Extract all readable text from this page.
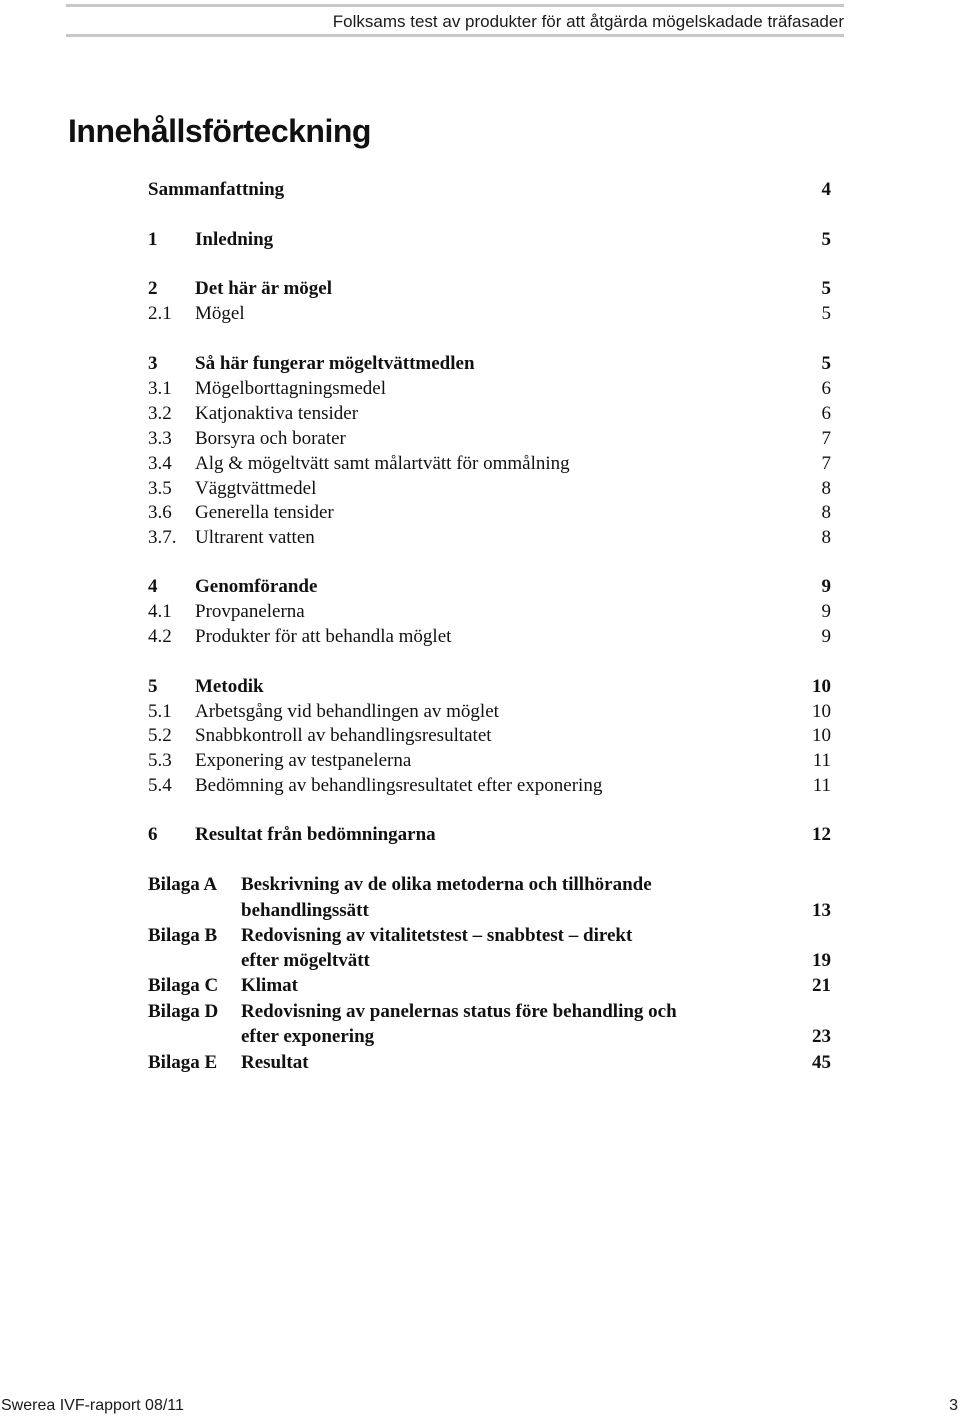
Folksams test av produkter för att åtgärda mögelskadade träfasader
Innehållsförteckning
Sammanfattning	4
1 Inledning	5
2 Det här är mögel	5
2.1 Mögel	5
3 Så här fungerar mögeltvättmedlen	5
3.1 Mögelborttagningsmedel	6
3.2 Katjonaktiva tensider	6
3.3 Borsyra och borater	7
3.4 Alg & mögeltvätt samt målartvätt för ommålning	7
3.5 Väggtvättmedel	8
3.6 Generella tensider	8
3.7. Ultrarent vatten	8
4 Genomförande	9
4.1 Provpanelerna	9
4.2 Produkter för att behandla möglet	9
5 Metodik	10
5.1 Arbetsgång vid behandlingen av möglet	10
5.2 Snabbkontroll av behandlingsresultatet	10
5.3 Exponering av testpanelerna	11
5.4 Bedömning av behandlingsresultatet efter exponering	11
6 Resultat från bedömningarna	12
Bilaga A Beskrivning av de olika metoderna och tillhörande
behandlingssätt	13
Bilaga B Redovisning av vitalitetstest – snabbtest – direkt
efter mögeltvätt	19
Bilaga C Klimat	21
Bilaga D Redovisning av panelernas status före behandling och
efter exponering	23
Bilaga E Resultat	45
Swerea IVF-rapport 08/11	3
